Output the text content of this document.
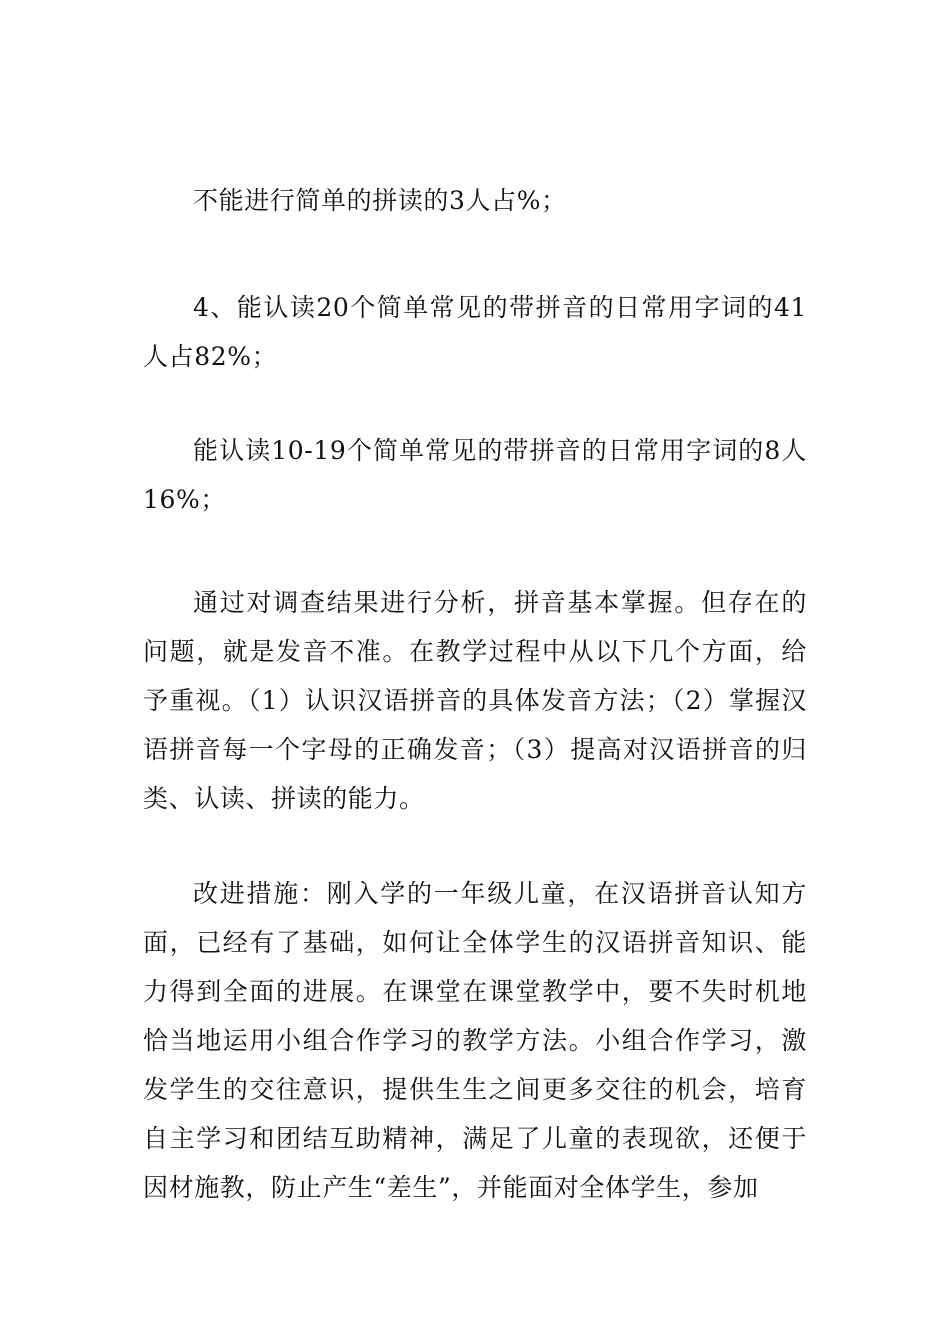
不能进行简单的拼读的3人占%；

4、能认读20个简单常见的带拼音的日常用字词的41人占82%；

能认读10-19个简单常见的带拼音的日常用字词的8人16%；

通过对调查结果进行分析，拼音基本掌握。但存在的问题，就是发音不准。在教学过程中从以下几个方面，给予重视。（1）认识汉语拼音的具体发音方法；（2）掌握汉语拼音每一个字母的正确发音；（3）提高对汉语拼音的归类、认读、拼读的能力。

改进措施：刚入学的一年级儿童，在汉语拼音认知方面，已经有了基础，如何让全体学生的汉语拼音知识、能力得到全面的进展。在课堂在课堂教学中，要不失时机地恰当地运用小组合作学习的教学方法。小组合作学习，激发学生的交往意识，提供生生之间更多交往的机会，培育自主学习和团结互助精神，满足了儿童的表现欲，还便于因材施教，防止产生“差生”，并能面对全体学生，参加
